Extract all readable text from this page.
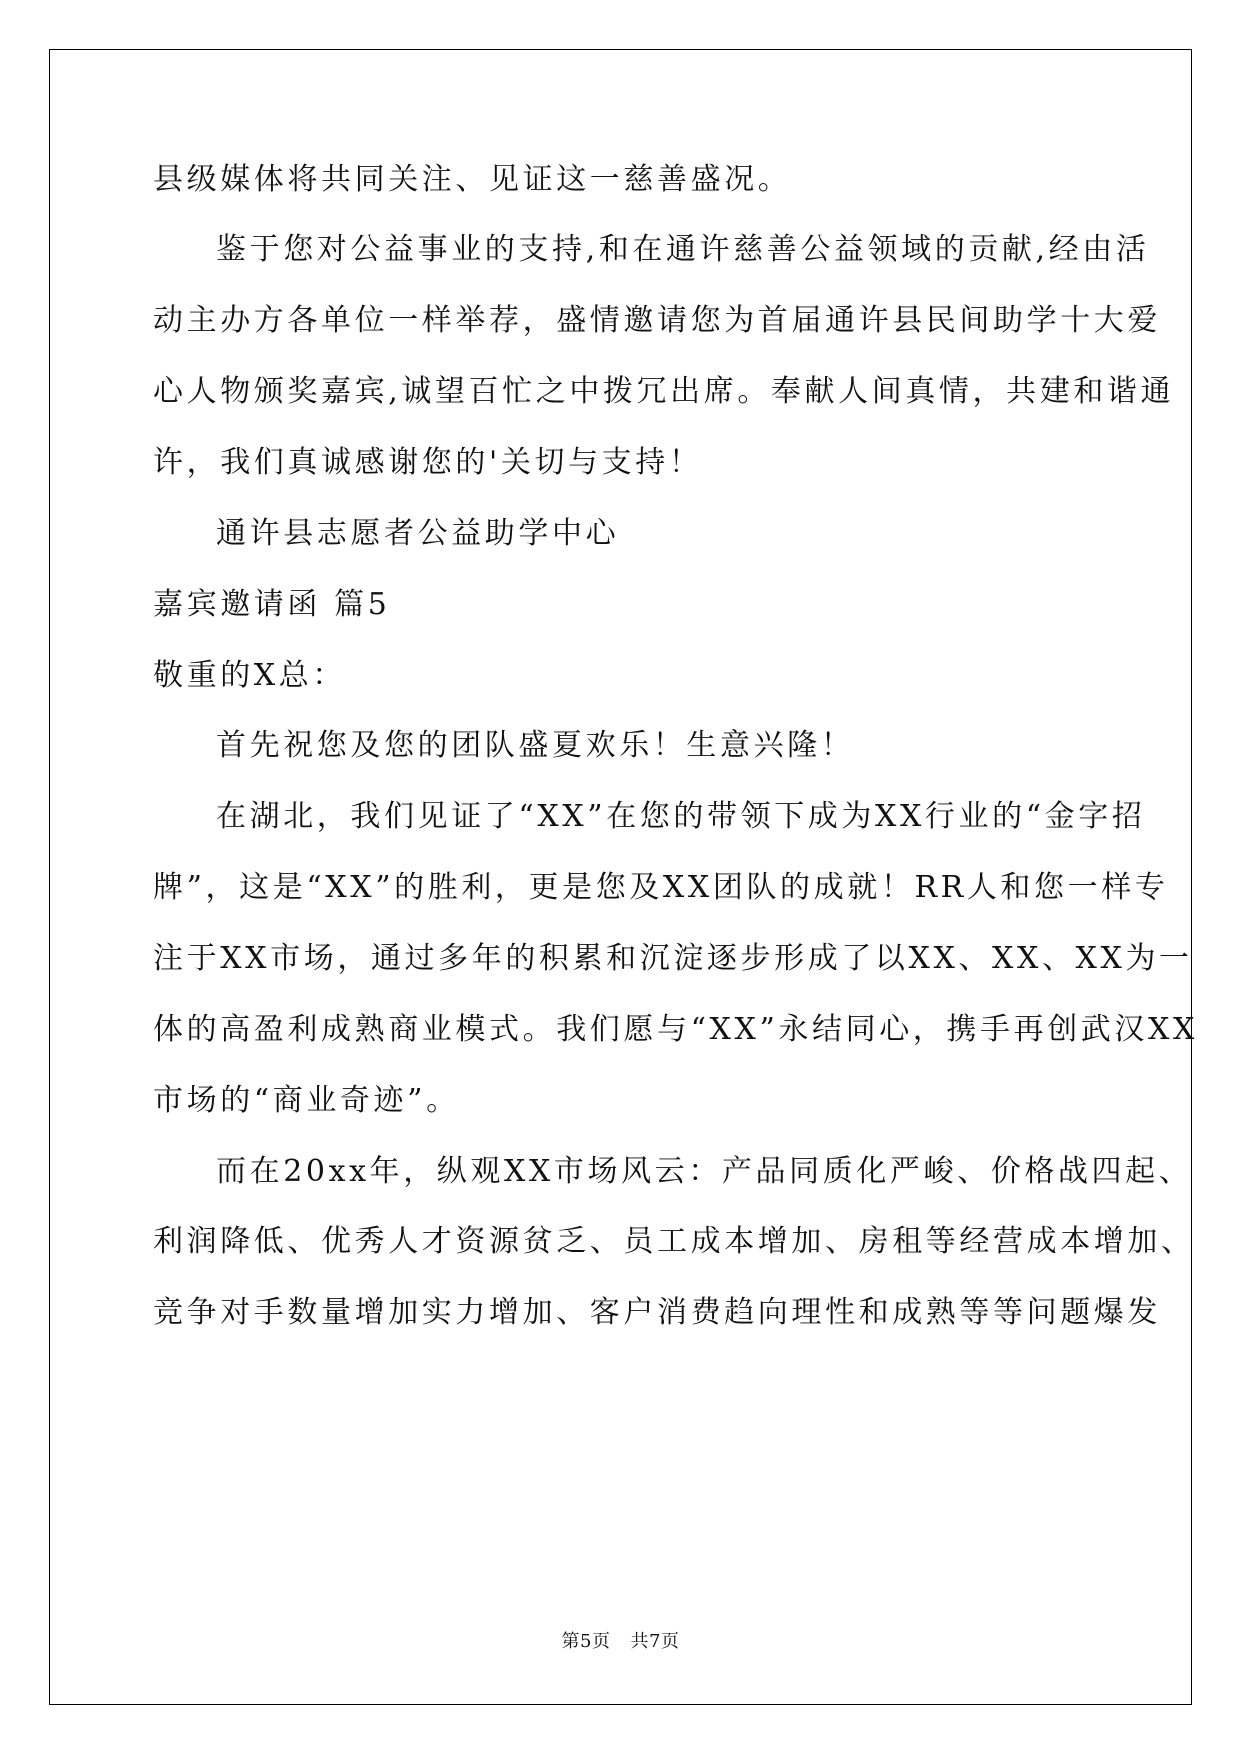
县级媒体将共同关注、见证这一慈善盛况。
鉴于您对公益事业的支持,和在通许慈善公益领域的贡献,经由活
动主办方各单位一样举荐，盛情邀请您为首届通许县民间助学十大爱
心人物颁奖嘉宾,诚望百忙之中拨冗出席。奉献人间真情，共建和谐通
许，我们真诚感谢您的'关切与支持！
通许县志愿者公益助学中心
嘉宾邀请函 篇5
敬重的X总：
首先祝您及您的团队盛夏欢乐！生意兴隆！
在湖北，我们见证了“XX”在您的带领下成为XX行业的“金字招
牌”，这是“XX”的胜利，更是您及XX团队的成就！RR人和您一样专
注于XX市场，通过多年的积累和沉淀逐步形成了以XX、XX、XX为一
体的高盈利成熟商业模式。我们愿与“XX”永结同心，携手再创武汉XX
市场的“商业奇迹”。
而在20xx年，纵观XX市场风云：产品同质化严峻、价格战四起、
利润降低、优秀人才资源贫乏、员工成本增加、房租等经营成本增加、
竞争对手数量增加实力增加、客户消费趋向理性和成熟等等问题爆发
第5页 共7页
